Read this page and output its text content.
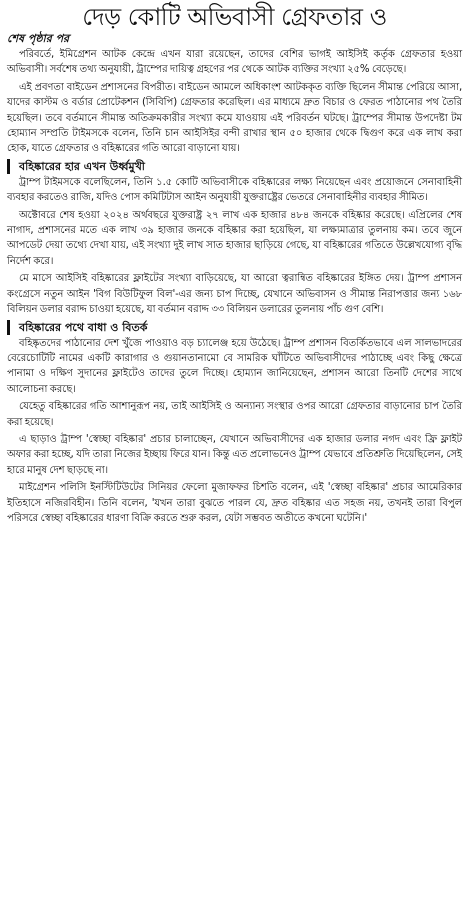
দেড় কোটি অভিবাসী গ্রেফতার ও
শেষ পৃষ্ঠার পর

পরিবর্তে, ইমিগ্রেশন আটক কেন্দ্রে এখন যারা রয়েছেন, তাদের বেশির ভাগই আইসিই কর্তৃক গ্রেফতার হওয়া অভিবাসী। সর্বশেষ তথ্য অনুযায়ী, ট্রাম্পের দায়িত্ব গ্রহণের পর থেকে আটক ব্যক্তির সংখ্যা ২৫% বেড়েছে।

এই প্রবণতা বাইডেন প্রশাসনের বিপরীত। বাইডেন আমলে অধিকাংশ আটককৃত ব্যক্তি ছিলেন সীমান্ত পেরিয়ে আসা, যাদের কাস্টম ও বর্ডার প্রোটেকশন (সিবিপি) গ্রেফতার করেছিল। এর মাধ্যমে দ্রুত বিচার ও ফেরত পাঠানোর পথ তৈরি হয়েছিল। তবে বর্তমানে সীমান্ত অতিক্রমকারীর সংখ্যা কমে যাওয়ায় এই পরিবর্তন ঘটছে। ট্রাম্পের সীমান্ত উপদেষ্টা টম হোম্যান সম্প্রতি টাইমসকে বলেন, তিনি চান আইসিইর বন্দী রাখার স্থান ৫০ হাজার থেকে দ্বিগুণ করে এক লাখ করা হোক, যাতে গ্রেফতার ও বহিষ্কারের গতি আরো বাড়ানো যায়।

বহিষ্কারের হার এখন উর্ধ্বমুখী

ট্রাম্প টাইমসকে বলেছিলেন, তিনি ১.৫ কোটি অভিবাসীকে বহিষ্কারের লক্ষ্য নিয়েছেন এবং প্রয়োজনে সেনাবাহিনী ব্যবহার করতেও রাজি, যদিও পোস কমিটিটাস আইন অনুযায়ী যুক্তরাষ্ট্রের ভেতরে সেনাবাহিনীর ব্যবহার সীমিত।

অক্টোবরে শেষ হওয়া ২০২৪ অর্থবছরে যুক্তরাষ্ট্র ২৭ লাখ এক হাজার ৪৮৪ জনকে বহিষ্কার করেছে। এপ্রিলের শেষ নাগাদ, প্রশাসনের মতে এক লাখ ৩৯ হাজার জনকে বহিষ্কার করা হয়েছিল, যা লক্ষ্যমাত্রার তুলনায় কম। তবে জুনে আপডেট দেয়া তথ্যে দেখা যায়, এই সংখ্যা দুই লাখ সাত হাজার ছাড়িয়ে গেছে, যা বহিষ্কারের গতিতে উল্লেখযোগ্য বৃদ্ধি নির্দেশ করে।

মে মাসে আইসিই বহিষ্কারের ফ্লাইটের সংখ্যা বাড়িয়েছে, যা আরো ত্বরান্বিত বহিষ্কারের ইঙ্গিত দেয়। ট্রাম্প প্রশাসন কংগ্রেসে নতুন আইন 'বিগ বিউটিফুল বিল'-এর জন্য চাপ দিচ্ছে, যেখানে অভিবাসন ও সীমান্ত নিরাপত্তার জন্য ১৬৮ বিলিয়ন ডলার বরাদ্দ চাওয়া হয়েছে, যা বর্তমান বরাদ্দ ৩৩ বিলিয়ন ডলারের তুলনায় পাঁচ গুণ বেশি।

বহিষ্কারের পথে বাধা ও বিতর্ক

বহিষ্কৃতদের পাঠানোর দেশ খুঁজে পাওয়াও বড় চ্যালেঞ্জ হয়ে উঠেছে। ট্রাম্প প্রশাসন বিতর্কিতভাবে এল সালভাদরের বেরেচোটিটি নামের একটি কারাগার ও গুয়ানতানামো বে সামরিক ঘাঁটিতে অভিবাসীদের পাঠাচ্ছে এবং কিছু ক্ষেত্রে পানামা ও দক্ষিণ সুদানের ফ্লাইটেও তাদের তুলে দিচ্ছে। হোম্যান জানিয়েছেন, প্রশাসন আরো তিনটি দেশের সাথে আলোচনা করছে।

যেহেতু বহিষ্কারের গতি আশানুরূপ নয়, তাই আইসিই ও অন্যান্য সংস্থার ওপর আরো গ্রেফতার বাড়ানোর চাপ তৈরি করা হয়েছে।

এ ছাড়াও ট্রাম্প 'স্বেচ্ছা বহিষ্কার' প্রচার চালাচ্ছেন, যেখানে অভিবাসীদের এক হাজার ডলার নগদ এবং ফ্রি ফ্লাইট অফার করা হচ্ছে, যদি তারা নিজের ইচ্ছায় ফিরে যান। কিন্তু এত প্রলোভনেও ট্রাম্প যেভাবে প্রতিশ্রুতি দিয়েছিলেন, সেই হারে মানুষ দেশ ছাড়ছে না।

মাইগ্রেশন পলিসি ইনস্টিটিউটের সিনিয়র ফেলো মুজাফফর চিশতি বলেন, এই 'স্বেচ্ছা বহিষ্কার' প্রচার আমেরিকার ইতিহাসে নজিরবিহীন। তিনি বলেন, 'যখন তারা বুঝতে পারল যে, দ্রুত বহিষ্কার এত সহজ নয়, তখনই তারা বিপুল পরিসরে স্বেচ্ছা বহিষ্কারের ধারণা বিক্রি করতে শুরু করল, যেটা সম্ভবত অতীতে কখনো ঘটেনি।'
